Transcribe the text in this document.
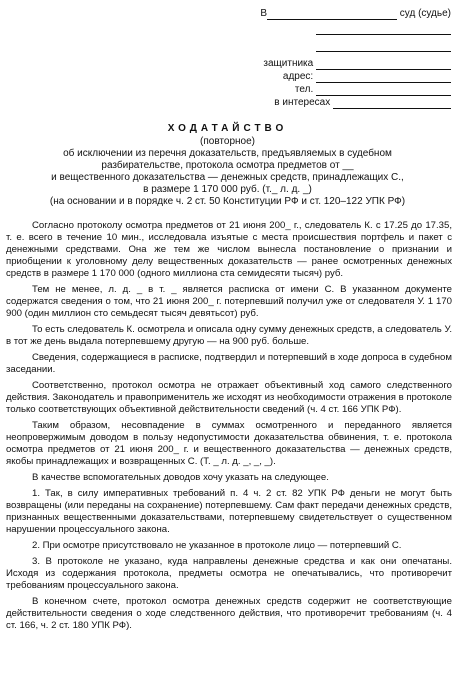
В	суд (судье)
защитника
адрес:
тел.
в интересах
ХОДАТАЙСТВО
(повторное)
об исключении из перечня доказательств, предъявляемых в судебном
разбирательстве, протокола осмотра предметов от __
и вещественного доказательства — денежных средств, принадлежащих С.,
в размере 1 170 000 руб. (т._ л. д. _)
(на основании и в порядке ч. 2 ст. 50 Конституции РФ и ст. 120–122 УПК РФ)

Согласно протоколу осмотра предметов от 21 июня 200_ г., следователь К. с 17.25 до 17.35, т. е. всего в течение 10 мин., исследовала изъятые с места происшествия портфель и пакет с денежными средствами. Она же тем же числом вынесла постановление о признании и приобщении к уголовному делу вещественных доказательств — ранее осмотренных денежных средств в размере 1 170 000 (одного миллиона ста семидесяти тысяч) руб.

Тем не менее, л. д. _ в т. _ является расписка от имени С. В указанном документе содержатся сведения о том, что 21 июня 200_ г. потерпевший получил уже от следователя У. 1 170 900 (один миллион сто семьдесят тысяч девятьсот) руб.

То есть следователь К. осмотрела и описала одну сумму денежных средств, а следователь У. в тот же день выдала потерпевшему другую — на 900 руб. больше.

Сведения, содержащиеся в расписке, подтвердил и потерпевший в ходе допроса в судебном заседании.

Соответственно, протокол осмотра не отражает объективный ход самого следственного действия. Законодатель и правоприменитель же исходят из необходимости отражения в протоколе только соответствующих объективной действительности сведений (ч. 4 ст. 166 УПК РФ).

Таким образом, несовпадение в суммах осмотренного и переданного является неопровержимым доводом в пользу недопустимости доказательства обвинения, т. е. протокола осмотра предметов от 21 июня 200_ г. и вещественного доказательства — денежных средств, якобы принадлежащих и возвращенных С. (Т. _ л. д. _, _, _).

В качестве вспомогательных доводов хочу указать на следующее.

1. Так, в силу императивных требований п. 4 ч. 2 ст. 82 УПК РФ деньги не могут быть возвращены (или переданы на сохранение) потерпевшему. Сам факт передачи денежных средств, признанных вещественными доказательствами, потерпевшему свидетельствует о существенном нарушении процессуального закона.

2. При осмотре присутствовало не указанное в протоколе лицо — потерпевший С.

3. В протоколе не указано, куда направлены денежные средства и как они опечатаны. Исходя из содержания протокола, предметы осмотра не опечатывались, что противоречит требованиям процессуального закона.

В конечном счете, протокол осмотра денежных средств содержит не соответствующие действительности сведения о ходе следственного действия, что противоречит требованиям (ч. 4 ст. 166, ч. 2 ст. 180 УПК РФ).
